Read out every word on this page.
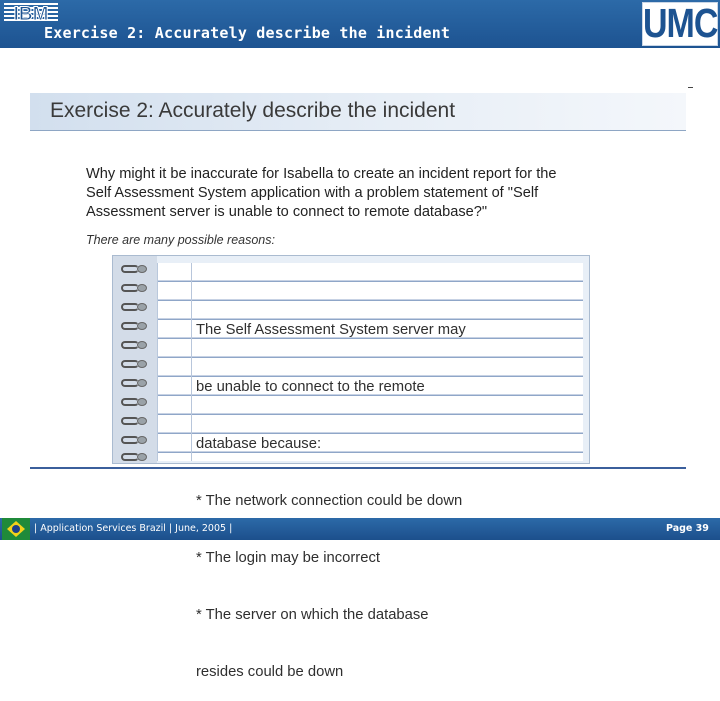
IBM
Exercise 2: Accurately describe the incident	UMC
Exercise 2: Accurately describe the incident
Why might it be inaccurate for Isabella to create an incident report for the
Self Assessment System application with a problem statement of "Self
Assessment server is unable to connect to remote database?"
There are many possible reasons:

The Self Assessment System server may

be unable to connect to the remote

database because:

* The network connection could be down

* The login may be incorrect

* The server on which the database

resides could be down

| Application Services Brazil | June, 2005 |	Page 39
